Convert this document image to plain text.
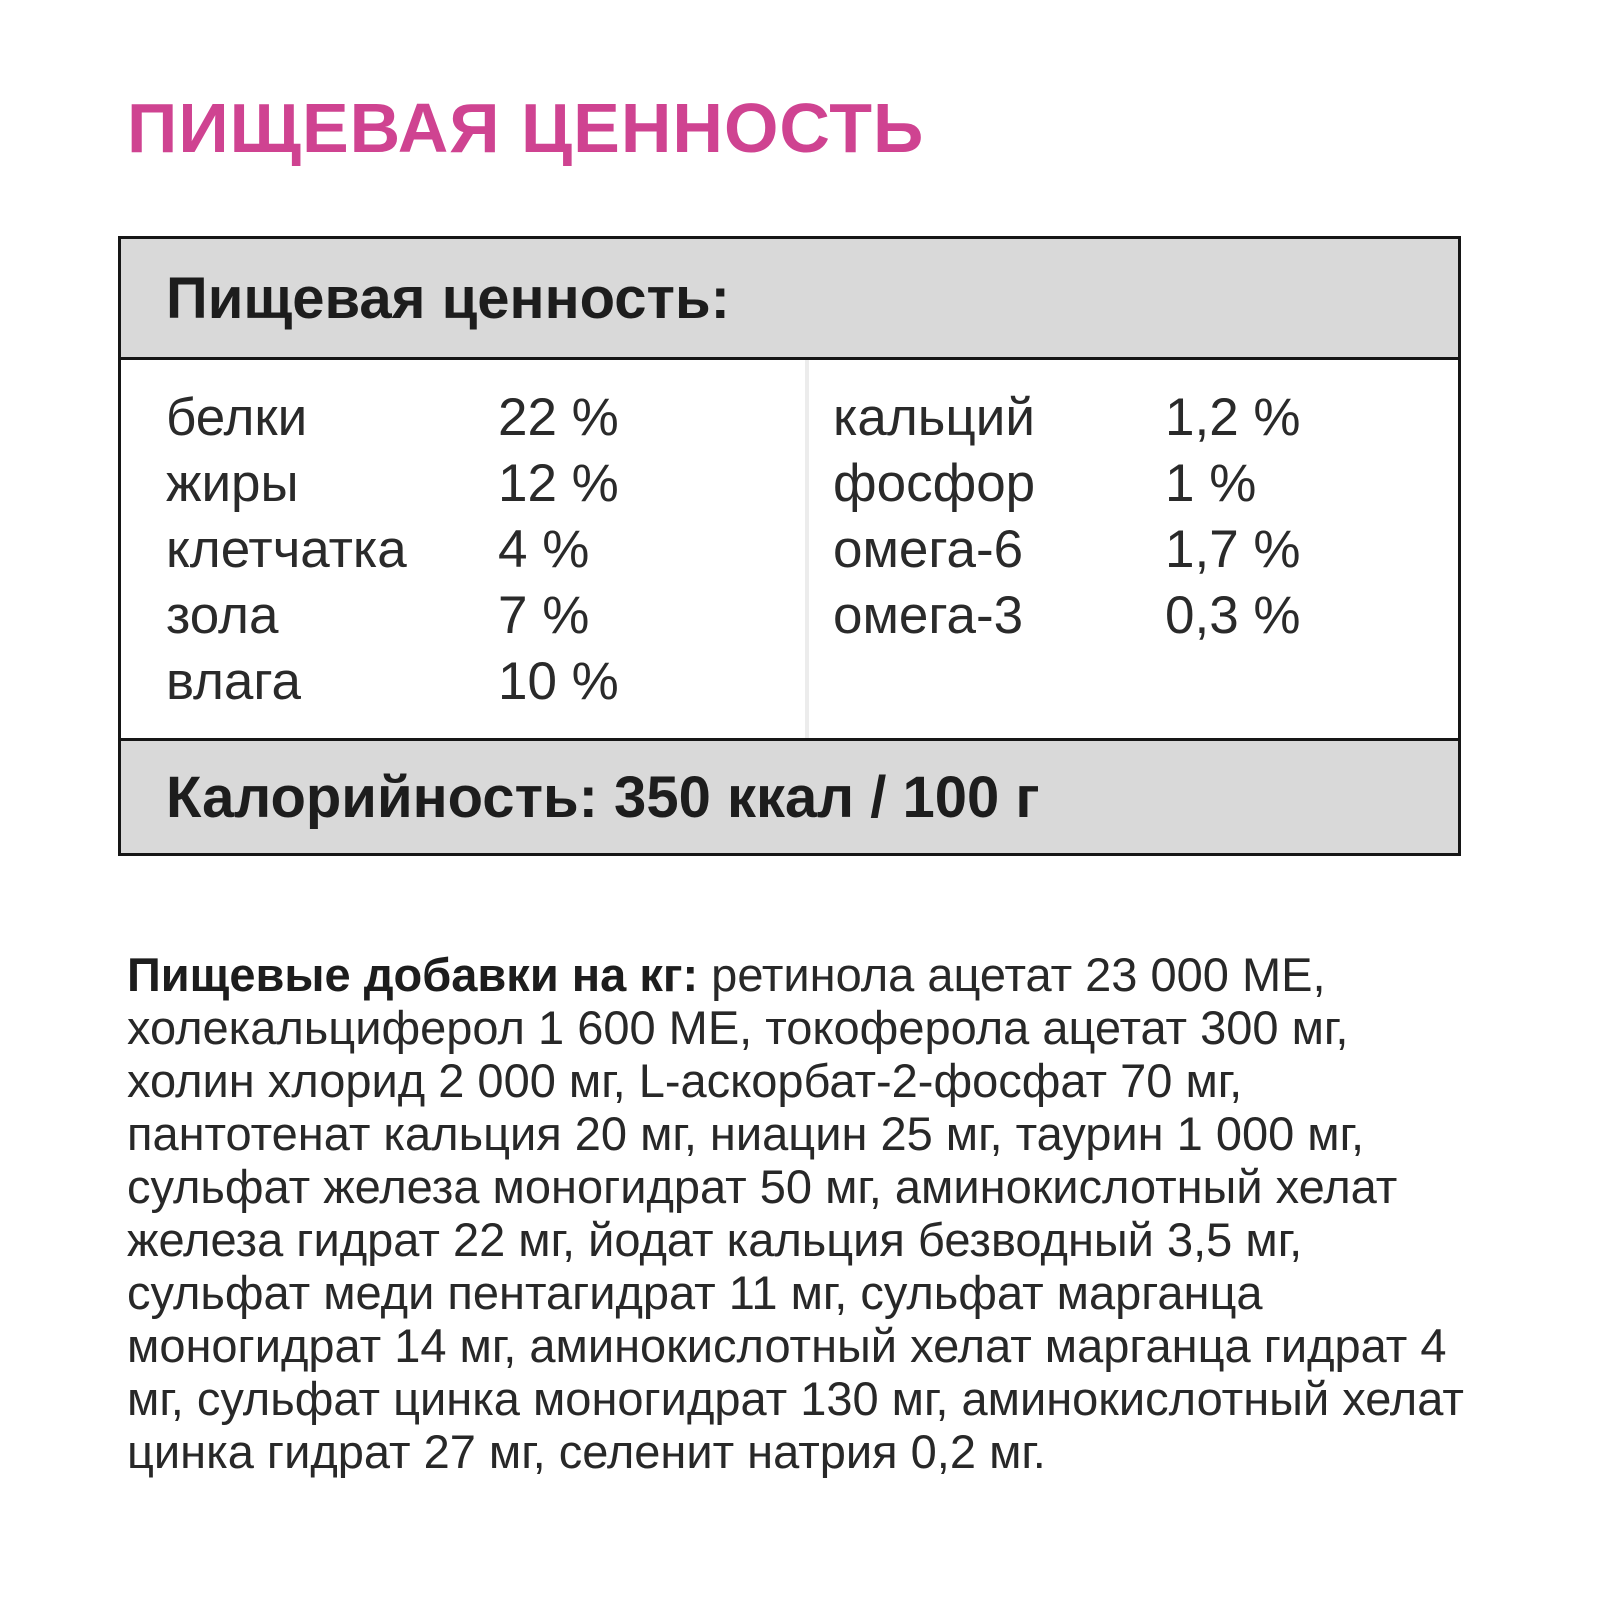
ПИЩЕВАЯ ЦЕННОСТЬ
Пищевая ценность:
белки	22 %
жиры	12 %
клетчатка	4 %
зола	7 %
влага	10 %
кальций	1,2 %
фосфор	1 %
омега-6	1,7 %
омега-3	0,3 %
Калорийность: 350 ккал / 100 г
Пищевые добавки на кг: ретинола ацетат 23 000 МЕ, холекальциферол 1 600 МЕ, токоферола ацетат 300 мг, холин хлорид 2 000 мг, L-аскорбат-2-фосфат 70 мг, пантотенат кальция 20 мг, ниацин 25 мг, таурин 1 000 мг, сульфат железа моногидрат 50 мг, аминокислотный хелат железа гидрат 22 мг, йодат кальция безводный 3,5 мг, сульфат меди пентагидрат 11 мг, сульфат марганца моногидрат 14 мг, аминокислотный хелат марганца гидрат 4 мг, сульфат цинка моногидрат 130 мг, аминокислотный хелат цинка гидрат 27 мг, селенит натрия 0,2 мг.
